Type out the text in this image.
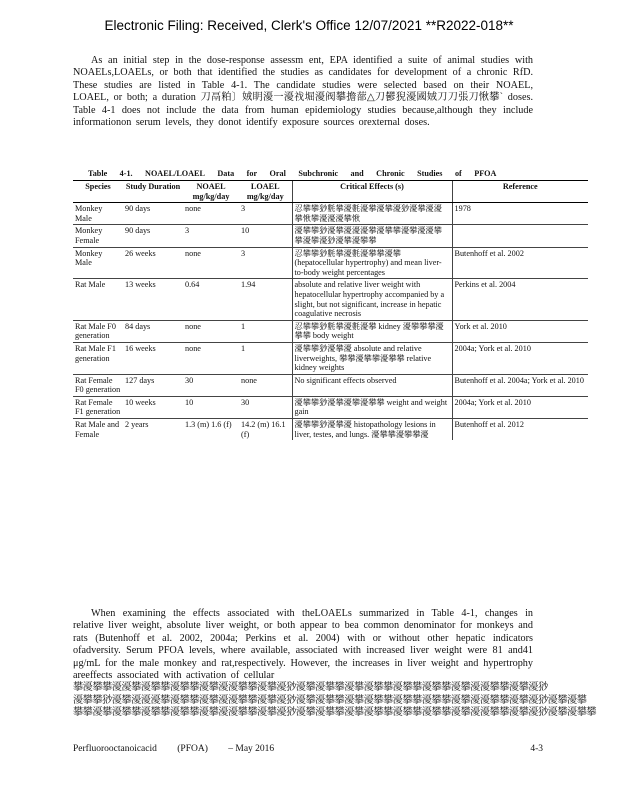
Electronic Filing: Received, Clerk's Office 12/07/2021 **R2022-018**
As an initial step in the dose-response assessm ent, EPA identified a suite of animal studies with NOAELs,LOAELs, or both that identified the studies as candidates for development of a chronic RfD. These studies are listed in Table 4-1. The candidate studies were selected based on their NOAEL, LOAEL, or both; a duration 刀鬲粕〕娀眀瀀一瀀䄀堀瀀阀攀擔蔀△刀鬰猊瀀國娀刀刀張刀愀攀` doses. Table 4-1 does not include the data from human epidemiology studies because,although they include informationon serum levels, they donot identify exposure sources orexternal doses.
Table 4-1. NOAEL/LOAEL Data for Oral Subchronic and Chronic Studies of PFOA
Species	Study Duration	NOAEL mg/kg/day	LOAEL mg/kg/day	Critical Effects (s)	Reference
Monkey Male	90 days	none	3	忍攀攀猀氀攀瀀氀瀀攀瀀攀瀀猀瀀攀瀀瀀攀愀攀瀀瀀瀀攀愀	1978
Monkey Female	90 days	3	10	瀀攀攀猀瀀攀瀀瀀瀀攀瀀攀攀瀀攀瀀瀀攀攀瀀攀瀀猀瀀攀瀀攀攀	
Monkey Male	26 weeks	none	3	忍攀攀猀氀攀瀀氀瀀攀攀瀀攀 (hepatocellular hypertrophy) and mean liver-to-body weight percentages	Butenhoff et al. 2002
Rat Male	13 weeks	0.64	1.94	absolute and relative liver weight with hepatocellular hypertrophy accompanied by a slight, but not significant, increase in hepatic coagulative necrosis	Perkins et al. 2004
Rat Male F0 generation	84 days	none	1	忍攀攀猀氀攀瀀氀瀀攀 kidney 瀀攀攀攀瀀攀攀 body weight	York et al. 2010
Rat Male F1 generation	16 weeks	none	1	瀀攀攀猀瀀攀瀀 absolute and relative liverweights, 攀攀瀀攀攀瀀攀攀 relative kidney weights	2004a; York et al. 2010
Rat Female F0 generation	127 days	30	none	No significant effects observed	Butenhoff et al. 2004a; York et al. 2010
Rat Female F1 generation	10 weeks	10	30	瀀攀攀猀瀀攀瀀攀瀀攀攀 weight and weight gain	2004a; York et al. 2010
Rat Male and Female	2 years	1.3 (m) 1.6 (f)	14.2 (m) 16.1 (f)	瀀攀攀猀瀀攀瀀 histopathology lesions in liver, testes, and lungs. 瀀攀攀瀀攀攀瀀	Butenhoff et al. 2012
When examining the effects associated with theLOAELs summarized in Table 4-1, changes in relative liver weight, absolute liver weight, or both appear to bea common denominator for monkeys and rats (Butenhoff et al. 2002, 2004a; Perkins et al. 2004) with or without other hepatic indicators ofadversity. Serum PFOA levels, where available, associated with increased liver weight were 81 and41 μg/mL for the male monkey and rat,respectively. However, the increases in liver weight and hypertrophy areeffects associated with activation of cellular
攀瀀攀攀瀀瀀攀瀀攀攀瀀攀攀瀀攀瀀瀀攀攀瀀攀瀀猀瀀攀瀀攀攀瀀攀瀀攀攀瀀攀攀瀀攀攀瀀攀瀀瀀攀攀瀀攀瀀猀
瀀攀攀猀瀀攀瀀瀀瀀攀瀀攀攀瀀攀瀀瀀攀攀瀀攀瀀猀瀀攀瀀攀攀瀀攀瀀攀攀瀀攀攀瀀攀攀瀀攀瀀瀀攀攀瀀攀瀀猀瀀攀瀀攀
攀攀瀀攀瀀攀攀瀀攀攀瀀攀攀瀀攀瀀瀀攀攀瀀攀瀀猀瀀攀瀀攀攀瀀攀瀀攀攀瀀攀攀瀀攀攀瀀攀瀀瀀攀攀瀀攀瀀猀瀀攀瀀攀攀
Perfluorooctanoicacid (PFOA) – May 2016	4-3
